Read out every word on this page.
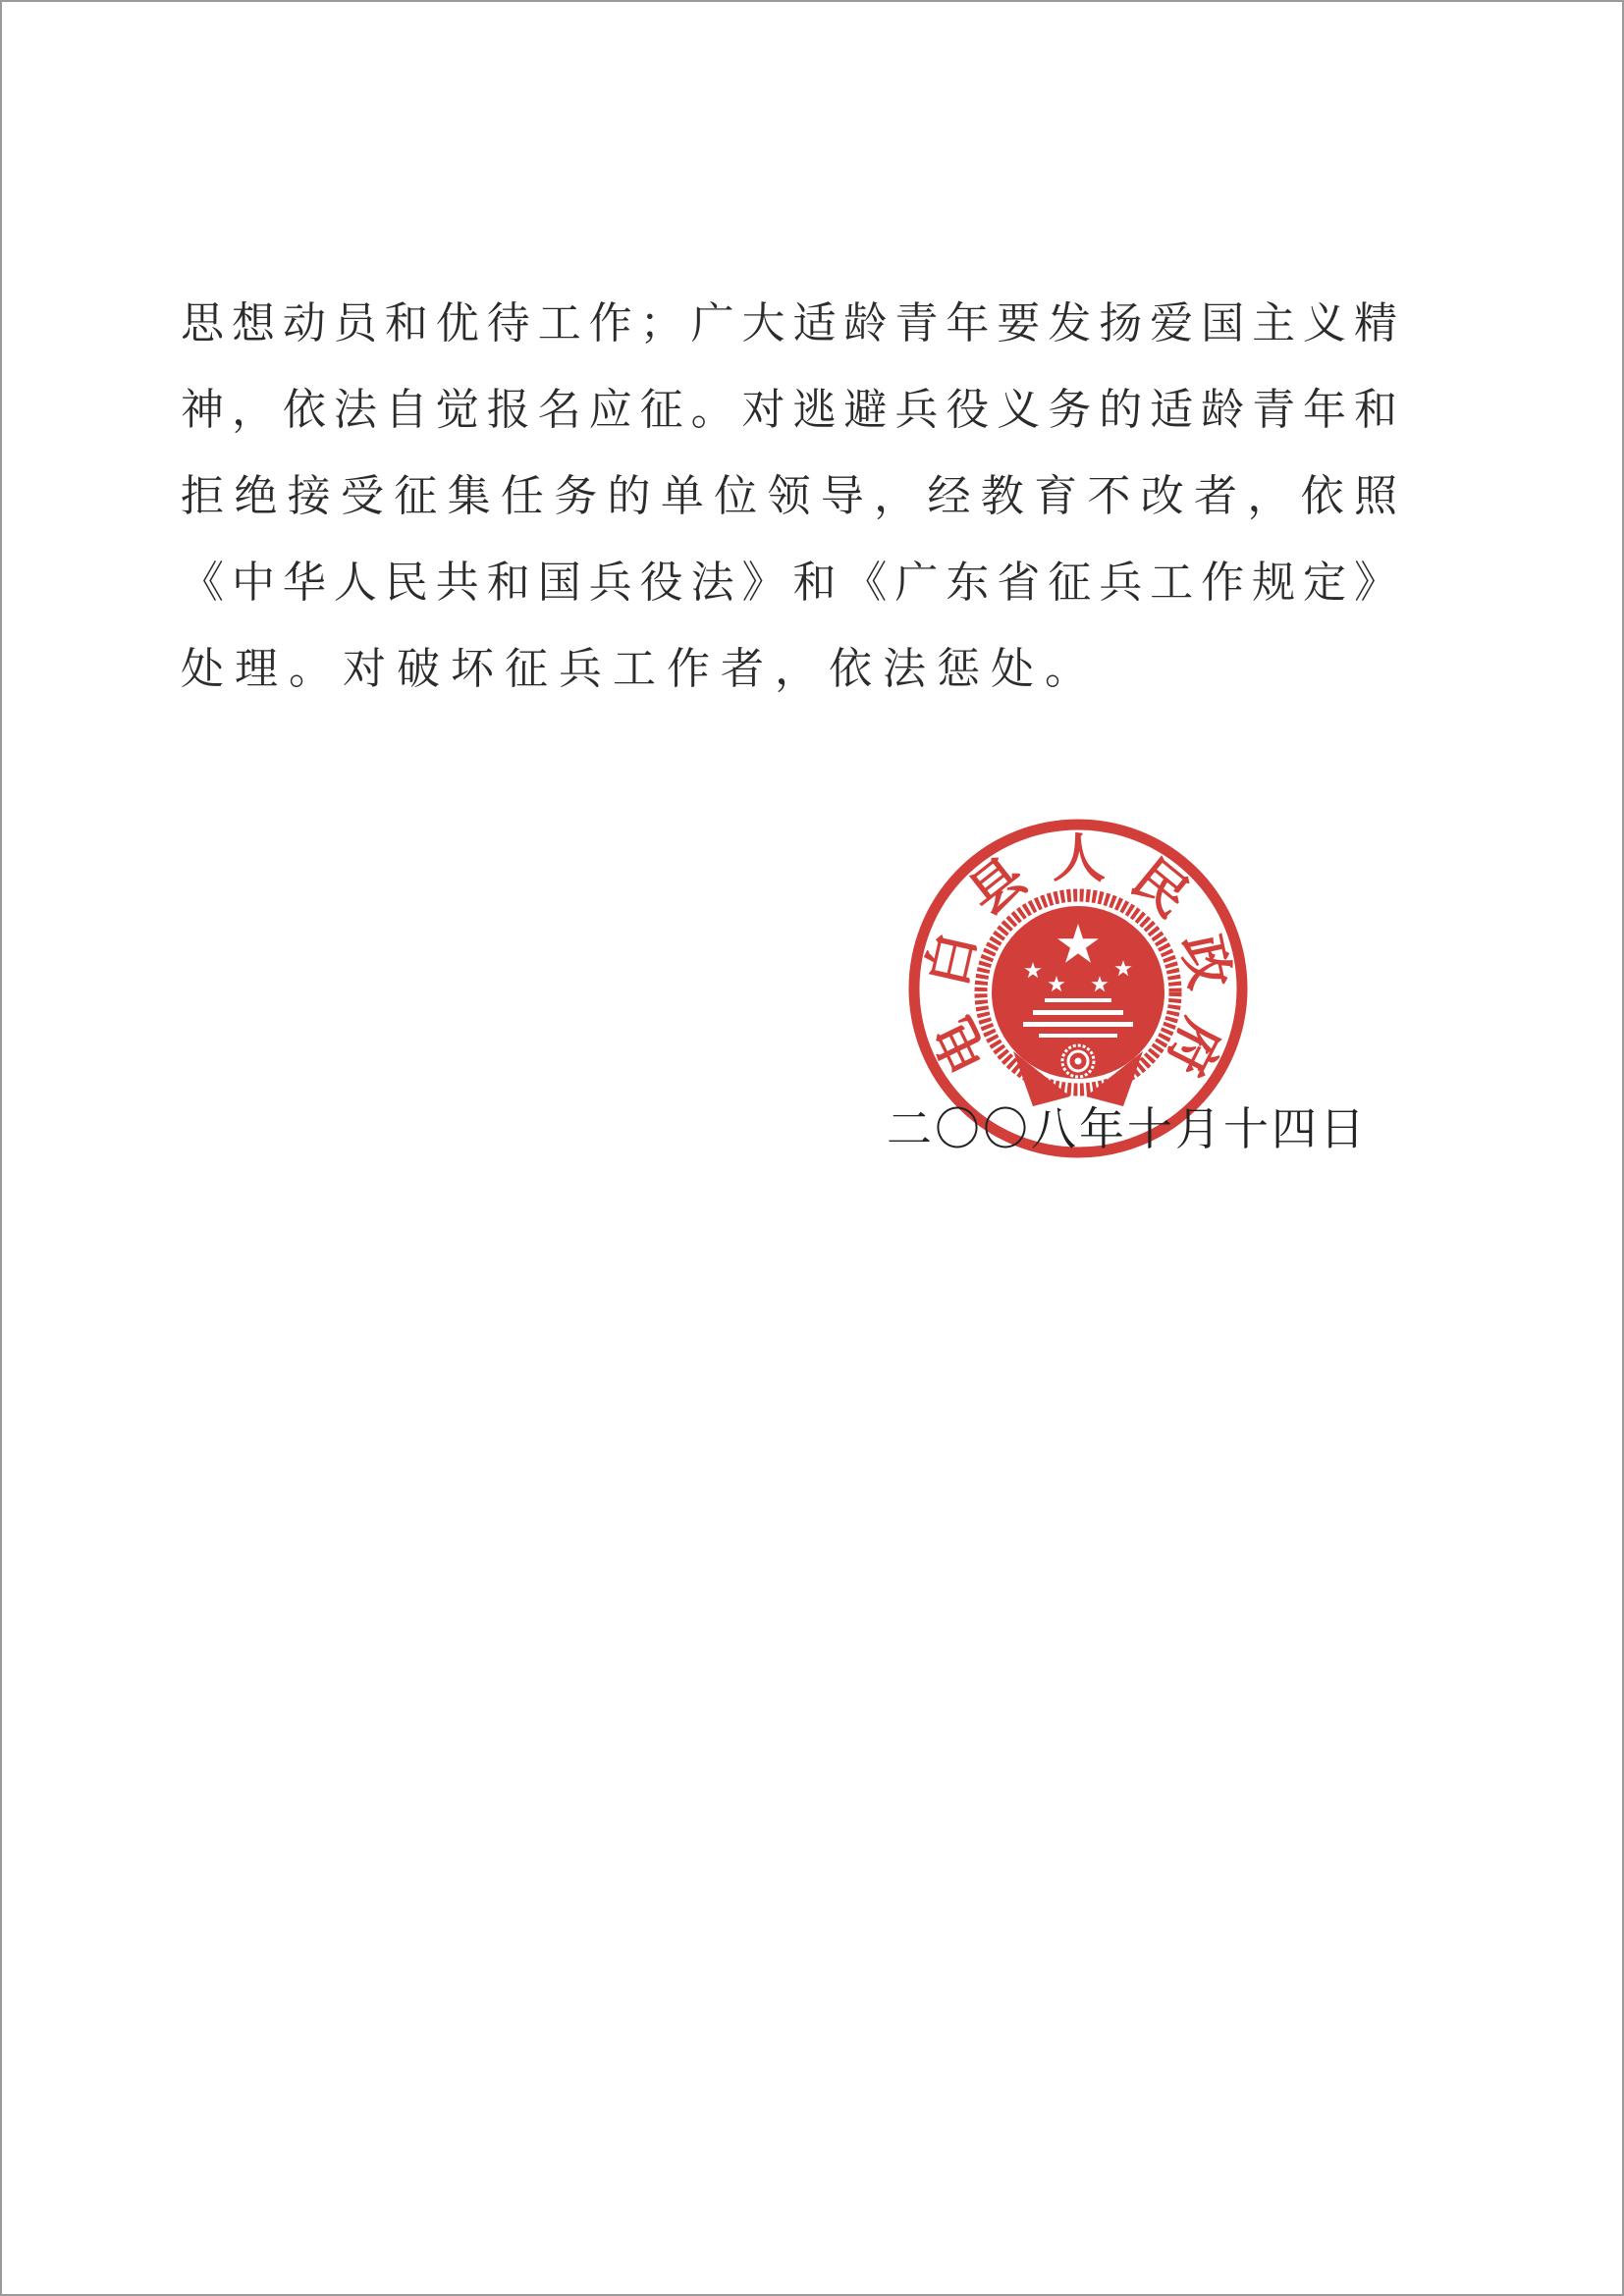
思想动员和优待工作；广大适龄青年要发扬爱国主义精
神，依法自觉报名应征。对逃避兵役义务的适龄青年和
拒绝接受征集任务的单位领导，经教育不改者，依照
《中华人民共和国兵役法》和《广东省征兵工作规定》
处理。对破坏征兵工作者，依法惩处。
电
白
县 人 民
政
府
二〇〇八年十月十四日
